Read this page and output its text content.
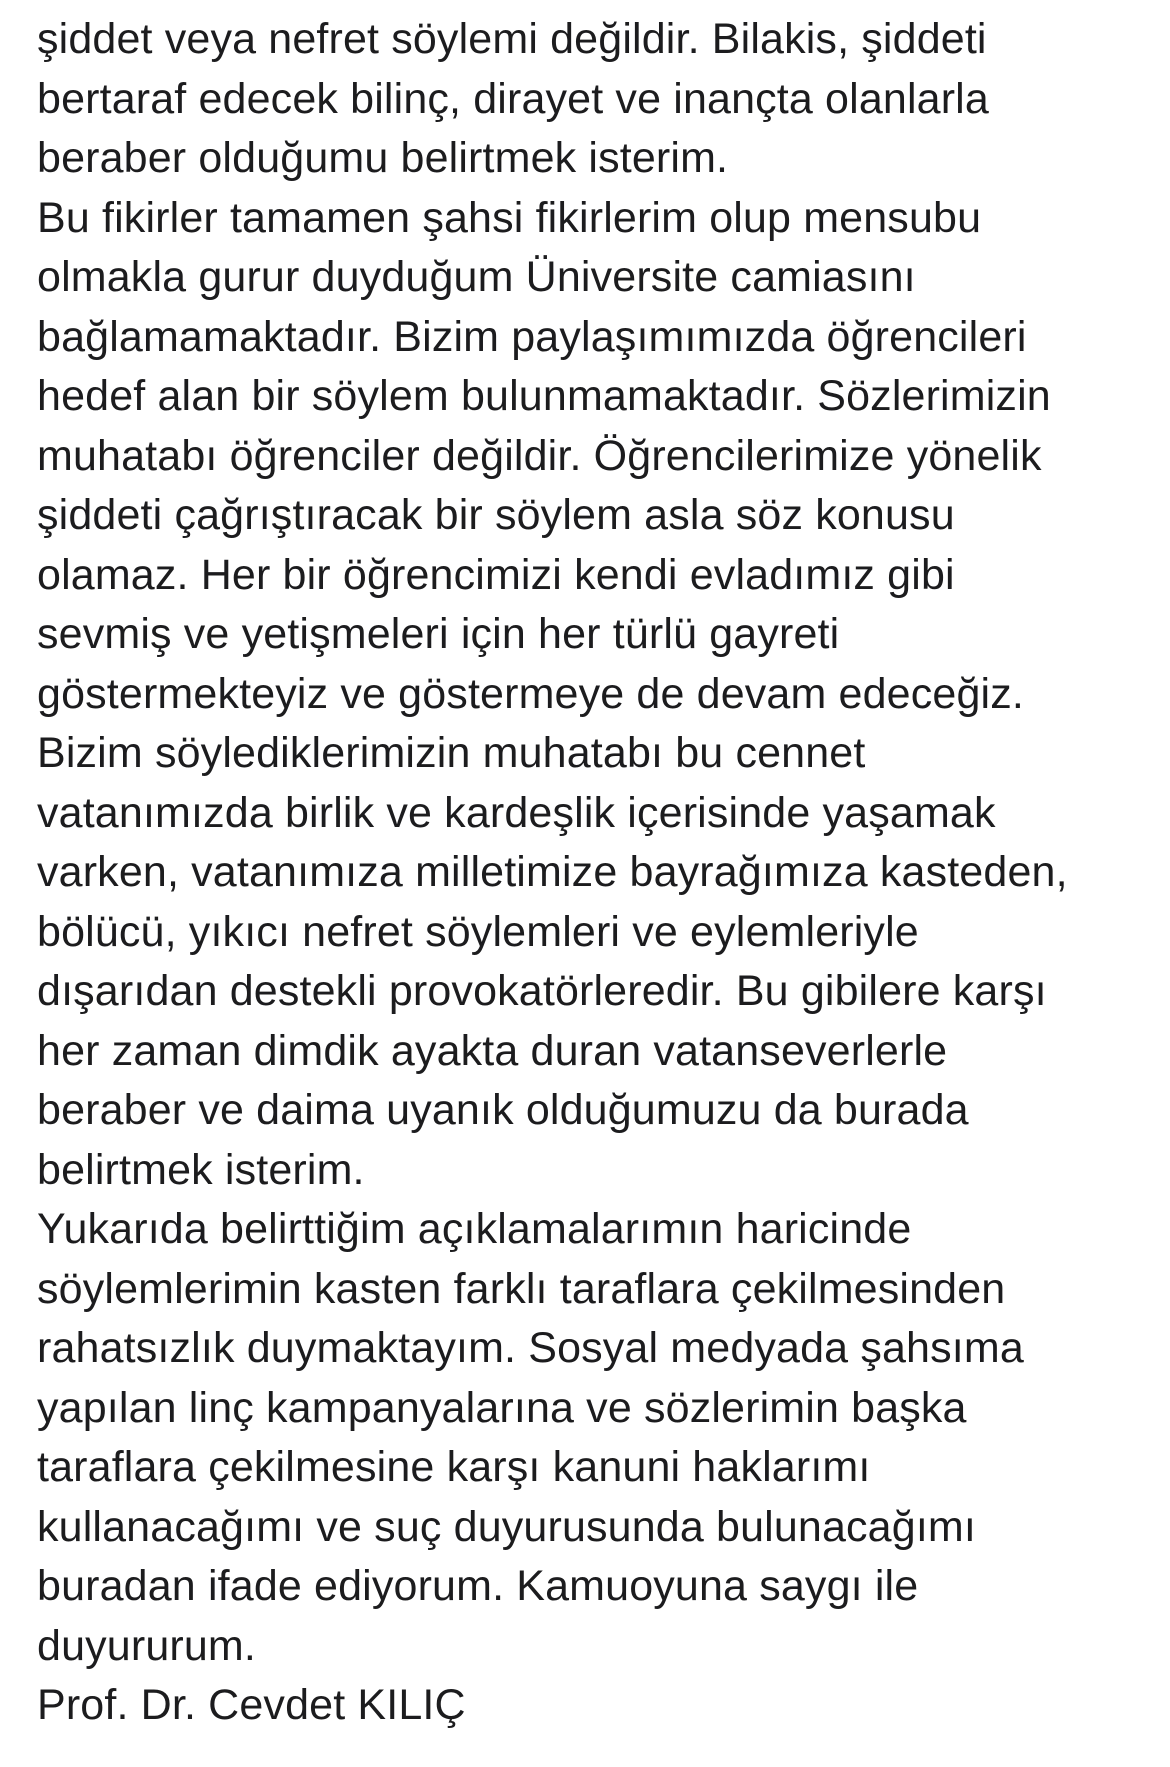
şiddet veya nefret söylemi değildir. Bilakis, şiddeti
bertaraf edecek bilinç, dirayet ve inançta olanlarla
beraber olduğumu belirtmek isterim.
Bu fikirler tamamen şahsi fikirlerim olup mensubu
olmakla gurur duyduğum Üniversite camiasını
bağlamamaktadır. Bizim paylaşımımızda öğrencileri
hedef alan bir söylem bulunmamaktadır. Sözlerimizin
muhatabı öğrenciler değildir. Öğrencilerimize yönelik
şiddeti çağrıştıracak bir söylem asla söz konusu
olamaz. Her bir öğrencimizi kendi evladımız gibi
sevmiş ve yetişmeleri için her türlü gayreti
göstermekteyiz ve göstermeye de devam edeceğiz.
Bizim söylediklerimizin muhatabı bu cennet
vatanımızda birlik ve kardeşlik içerisinde yaşamak
varken, vatanımıza milletimize bayrağımıza kasteden,
bölücü, yıkıcı nefret söylemleri ve eylemleriyle
dışarıdan destekli provokatörleredir. Bu gibilere karşı
her zaman dimdik ayakta duran vatanseverlerle
beraber ve daima uyanık olduğumuzu da burada
belirtmek isterim.
Yukarıda belirttiğim açıklamalarımın haricinde
söylemlerimin kasten farklı taraflara çekilmesinden
rahatsızlık duymaktayım. Sosyal medyada şahsıma
yapılan linç kampanyalarına ve sözlerimin başka
taraflara çekilmesine karşı kanuni haklarımı
kullanacağımı ve suç duyurusunda bulunacağımı
buradan ifade ediyorum. Kamuoyuna saygı ile
duyururum.
Prof. Dr. Cevdet KILIÇ
